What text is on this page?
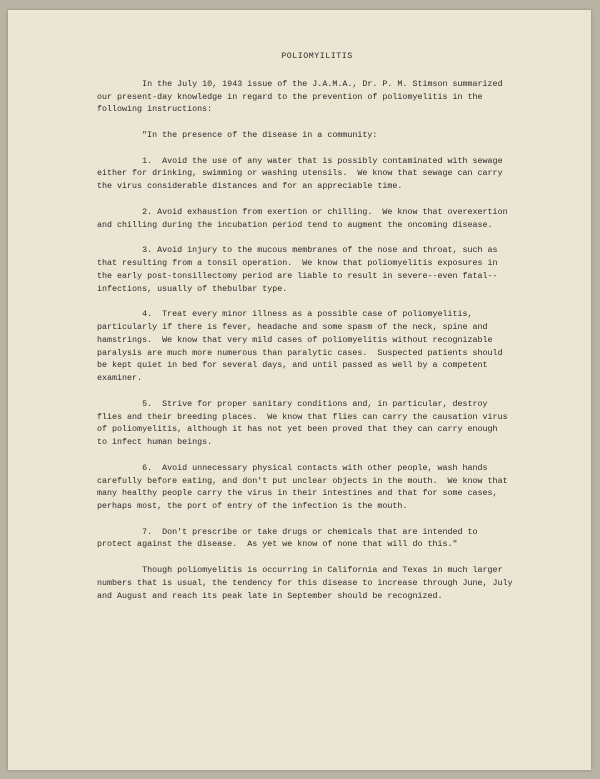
POLIOMYILITIS
In the July 10, 1943 issue of the J.A.M.A., Dr. P. M. Stimson summarized
our present-day knowledge in regard to the prevention of poliomyelitis in the
following instructions:
"In the presence of the disease in a community:
1.  Avoid the use of any water that is possibly contaminated with sewage
either for drinking, swimming or washing utensils.  We know that sewage can carry
the virus considerable distances and for an appreciable time.
2. Avoid exhaustion from exertion or chilling.  We know that overexertion
and chilling during the incubation period tend to augment the oncoming disease.
3. Avoid injury to the mucous membranes of the nose and throat, such as
that resulting from a tonsil operation.  We know that poliomyelitis exposures in
the early post-tonsillectomy period are liable to result in severe--even fatal--
infections, usually of thebulbar type.
4.  Treat every minor illness as a possible case of poliomyelitis,
particularly if there is fever, headache and some spasm of the neck, spine and
hamstrings.  We know that very mild cases of poliomyelitis without recognizable
paralysis are much more numerous than paralytic cases.  Suspected patients should
be kept quiet in bed for several days, and until passed as well by a competent
examiner.
5.  Strive for proper sanitary conditions and, in particular, destroy
flies and their breeding places.  We know that flies can carry the causation virus
of poliomyelitis, although it has not yet been proved that they can carry enough
to infect human beings.
6.  Avoid unnecessary physical contacts with other people, wash hands
carefully before eating, and don't put unclear objects in the mouth.  We know that
many healthy people carry the virus in their intestines and that for some cases,
perhaps most, the port of entry of the infection is the mouth.
7.  Don't prescribe or take drugs or chemicals that are intended to
protect against the disease.  As yet we know of none that will do this."
Though poliomyelitis is occurring in California and Texas in much larger
numbers that is usual, the tendency for this disease to increase through June, July
and August and reach its peak late in September should be recognized.
